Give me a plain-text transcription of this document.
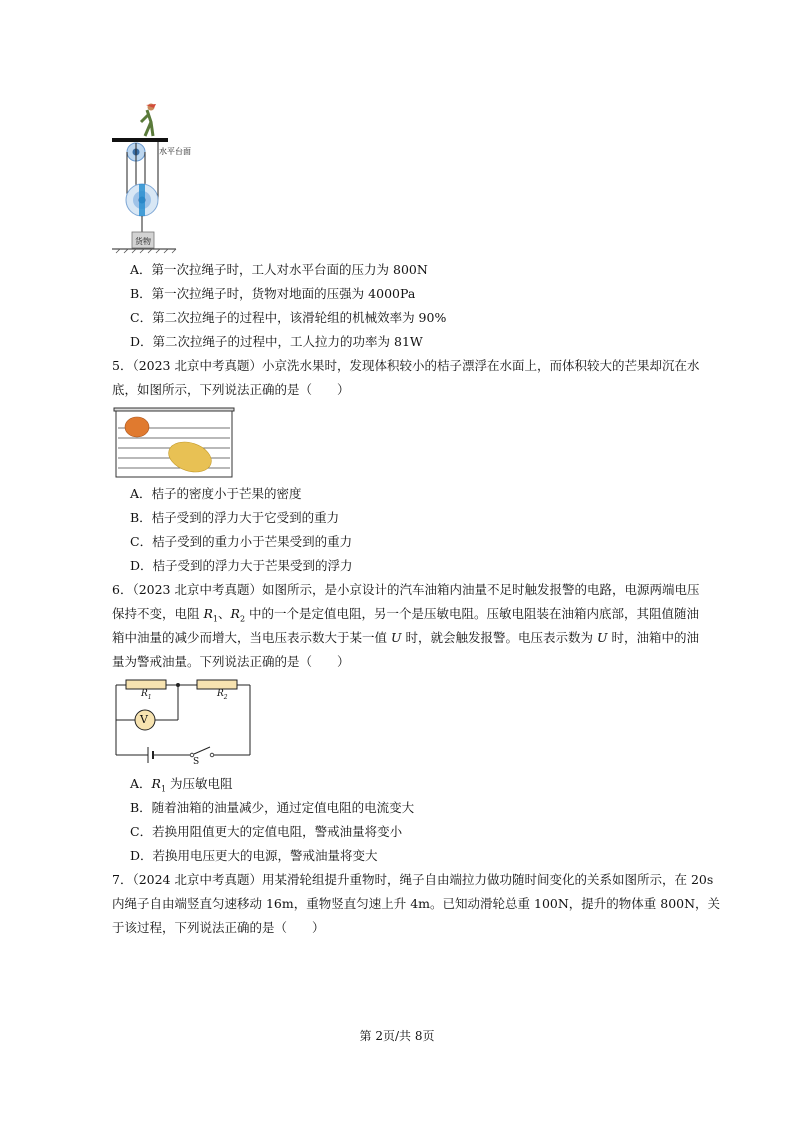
水平台面
货物
A．第一次拉绳子时，工人对水平台面的压力为 800N
B．第一次拉绳子时，货物对地面的压强为 4000Pa
C．第二次拉绳子的过程中，该滑轮组的机械效率为 90%
D．第二次拉绳子的过程中，工人拉力的功率为 81W
5．（2023 北京中考真题）小京洗水果时，发现体积较小的桔子漂浮在水面上，而体积较大的芒果却沉在水
底，如图所示，下列说法正确的是（　　）
A．桔子的密度小于芒果的密度
B．桔子受到的浮力大于它受到的重力
C．桔子受到的重力小于芒果受到的重力
D．桔子受到的浮力大于芒果受到的浮力
6．（2023 北京中考真题）如图所示，是小京设计的汽车油箱内油量不足时触发报警的电路，电源两端电压
保持不变，电阻 $R_1$、$R_2$ 中的一个是定值电阻，另一个是压敏电阻。压敏电阻装在油箱内底部，其阻值随油
箱中油量的减少而增大，当电压表示数大于某一值 U 时，就会触发报警。电压表示数为 U 时，油箱中的油
量为警戒油量。下列说法正确的是（　　）
$R_1$	$R_2$
V
S
A．$R_1$ 为压敏电阻
B．随着油箱的油量减少，通过定值电阻的电流变大
C．若换用阻值更大的定值电阻，警戒油量将变小
D．若换用电压更大的电源，警戒油量将变大
7．（2024 北京中考真题）用某滑轮组提升重物时，绳子自由端拉力做功随时间变化的关系如图所示，在 20s
内绳子自由端竖直匀速移动 16m，重物竖直匀速上升 4m。已知动滑轮总重 100N，提升的物体重 800N，关
于该过程，下列说法正确的是（　　）
第 2页/共 8页
